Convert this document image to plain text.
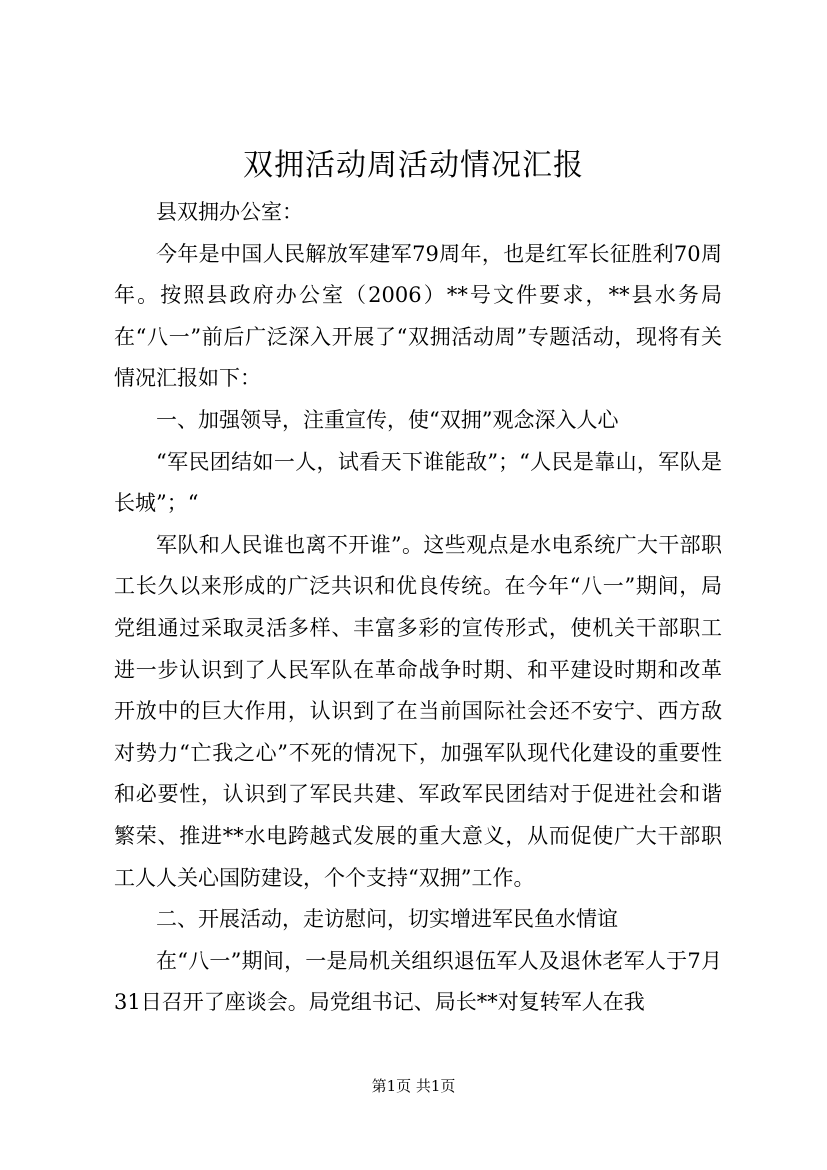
双拥活动周活动情况汇报

县双拥办公室：

今年是中国人民解放军建军79周年，也是红军长征胜利70周年。按照县政府办公室（2006）**号文件要求，**县水务局在“八一”前后广泛深入开展了“双拥活动周”专题活动，现将有关情况汇报如下：

一、加强领导，注重宣传，使“双拥”观念深入人心

“军民团结如一人，试看天下谁能敌”；“人民是靠山，军队是长城”；“

军队和人民谁也离不开谁”。这些观点是水电系统广大干部职工长久以来形成的广泛共识和优良传统。在今年“八一”期间，局党组通过采取灵活多样、丰富多彩的宣传形式，使机关干部职工进一步认识到了人民军队在革命战争时期、和平建设时期和改革开放中的巨大作用，认识到了在当前国际社会还不安宁、西方敌对势力“亡我之心”不死的情况下，加强军队现代化建设的重要性和必要性，认识到了军民共建、军政军民团结对于促进社会和谐繁荣、推进**水电跨越式发展的重大意义，从而促使广大干部职工人人关心国防建设，个个支持“双拥”工作。

二、开展活动，走访慰问，切实增进军民鱼水情谊

在“八一”期间，一是局机关组织退伍军人及退休老军人于7月31日召开了座谈会。局党组书记、局长**对复转军人在我

第1页 共1页
